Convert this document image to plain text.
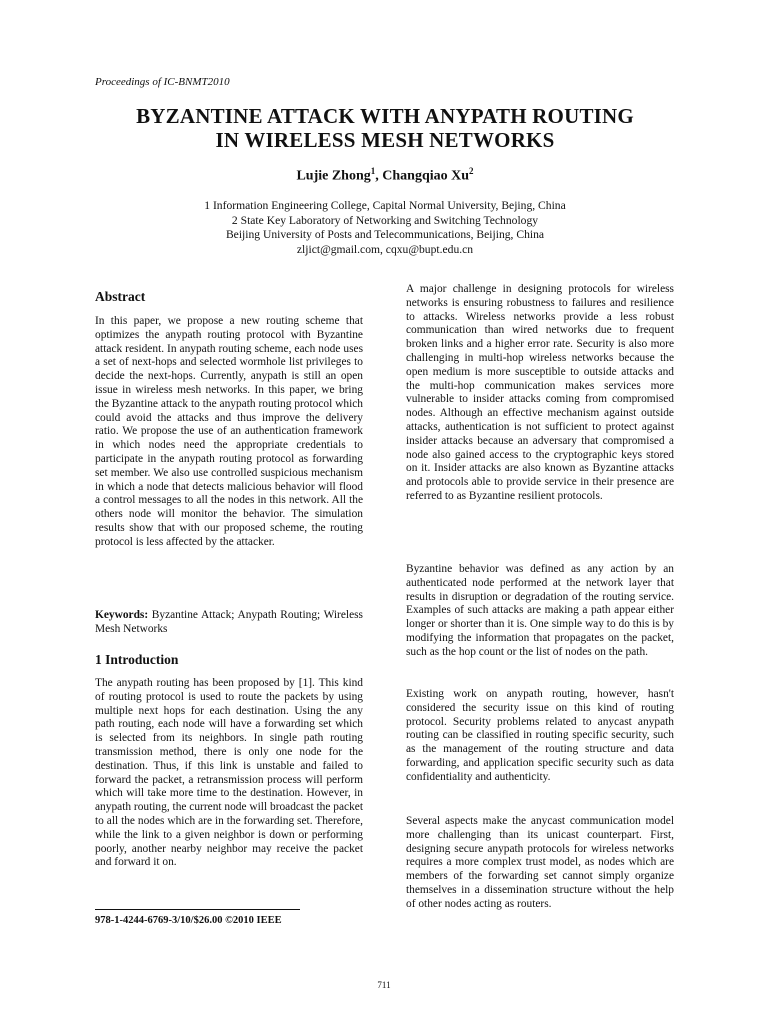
Proceedings of IC-BNMT2010
BYZANTINE ATTACK WITH ANYPATH ROUTING
IN WIRELESS MESH NETWORKS
Lujie Zhong$^1$, Changqiao Xu$^2$
1 Information Engineering College, Capital Normal University, Bejing, China
2 State Key Laboratory of Networking and Switching Technology
Beijing University of Posts and Telecommunications, Beijing, China
zljict@gmail.com, cqxu@bupt.edu.cn
Abstract

In this paper, we propose a new routing scheme that optimizes the anypath routing protocol with Byzantine attack resident. In anypath routing scheme, each node uses a set of next-hops and selected wormhole list privileges to decide the next-hops. Currently, anypath is still an open issue in wireless mesh networks. In this paper, we bring the Byzantine attack to the anypath routing protocol which could avoid the attacks and thus improve the delivery ratio. We propose the use of an authentication framework in which nodes need the appropriate credentials to participate in the anypath routing protocol as forwarding set member. We also use controlled suspicious mechanism in which a node that detects malicious behavior will flood a control messages to all the nodes in this network. All the others node will monitor the behavior. The simulation results show that with our proposed scheme, the routing protocol is less affected by the attacker.

Keywords: Byzantine Attack; Anypath Routing; Wireless Mesh Networks

1 Introduction

The anypath routing has been proposed by [1]. This kind of routing protocol is used to route the packets by using multiple next hops for each destination. Using the any path routing, each node will have a forwarding set which is selected from its neighbors. In single path routing transmission method, there is only one node for the destination. Thus, if this link is unstable and failed to forward the packet, a retransmission process will perform which will take more time to the destination. However, in anypath routing, the current node will broadcast the packet to all the nodes which are in the forwarding set. Therefore, while the link to a given neighbor is down or performing poorly, another nearby neighbor may receive the packet and forward it on.

978-1-4244-6769-3/10/$26.00 ©2010 IEEE

A major challenge in designing protocols for wireless networks is ensuring robustness to failures and resilience to attacks. Wireless networks provide a less robust communication than wired networks due to frequent broken links and a higher error rate. Security is also more challenging in multi-hop wireless networks because the open medium is more susceptible to outside attacks and the multi-hop communication makes services more vulnerable to insider attacks coming from compromised nodes. Although an effective mechanism against outside attacks, authentication is not sufficient to protect against insider attacks because an adversary that compromised a node also gained access to the cryptographic keys stored on it. Insider attacks are also known as Byzantine attacks and protocols able to provide service in their presence are referred to as Byzantine resilient protocols.

Byzantine behavior was defined as any action by an authenticated node performed at the network layer that results in disruption or degradation of the routing service. Examples of such attacks are making a path appear either longer or shorter than it is. One simple way to do this is by modifying the information that propagates on the packet, such as the hop count or the list of nodes on the path.

Existing work on anypath routing, however, hasn't considered the security issue on this kind of routing protocol. Security problems related to anycast anypath routing can be classified in routing specific security, such as the management of the routing structure and data forwarding, and application specific security such as data confidentiality and authenticity.

Several aspects make the anycast communication model more challenging than its unicast counterpart. First, designing secure anypath protocols for wireless networks requires a more complex trust model, as nodes which are members of the forwarding set cannot simply organize themselves in a dissemination structure without the help of other nodes acting as routers.

711
